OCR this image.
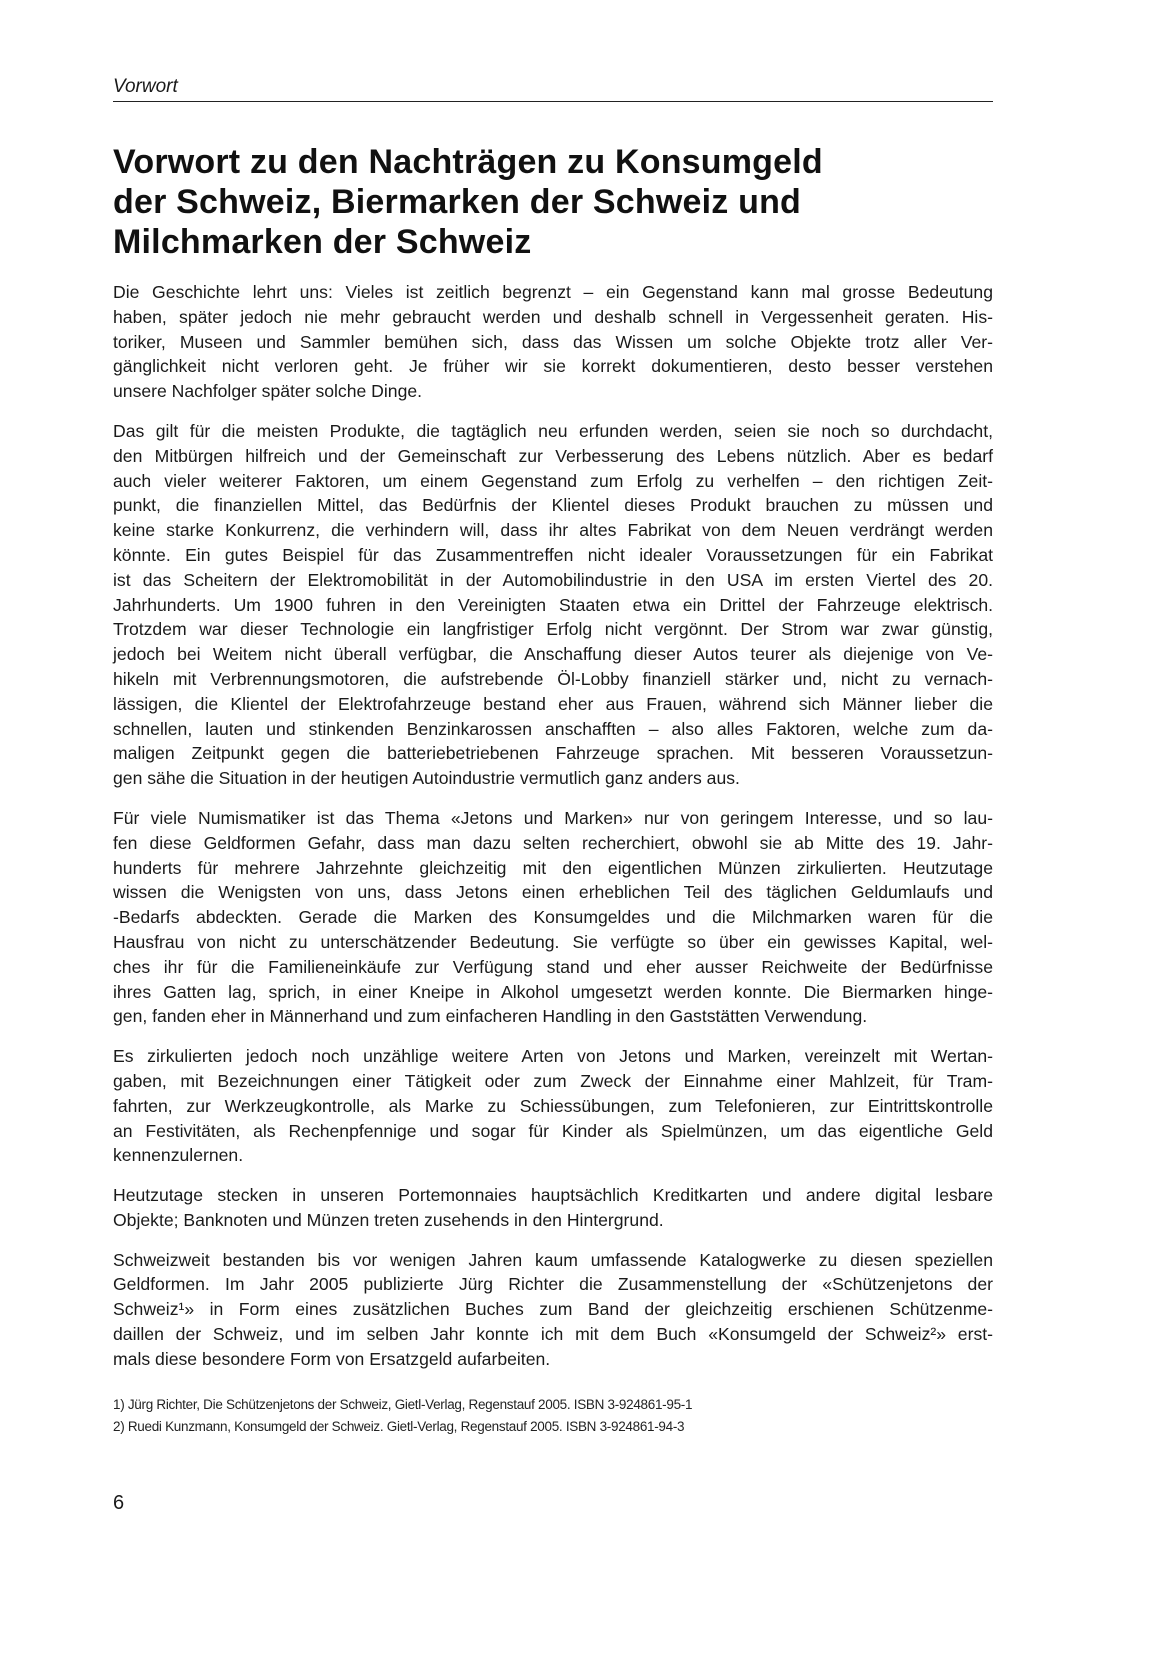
Vorwort
Vorwort zu den Nachträgen zu Konsumgeld
der Schweiz, Biermarken der Schweiz und
Milchmarken der Schweiz
Die Geschichte lehrt uns: Vieles ist zeitlich begrenzt – ein Gegenstand kann mal grosse Bedeutung
haben, später jedoch nie mehr gebraucht werden und deshalb schnell in Vergessenheit geraten. His-
toriker, Museen und Sammler bemühen sich, dass das Wissen um solche Objekte trotz aller Ver-
gänglichkeit nicht verloren geht. Je früher wir sie korrekt dokumentieren, desto besser verstehen
unsere Nachfolger später solche Dinge.
Das gilt für die meisten Produkte, die tagtäglich neu erfunden werden, seien sie noch so durchdacht,
den Mitbürgen hilfreich und der Gemeinschaft zur Verbesserung des Lebens nützlich. Aber es bedarf
auch vieler weiterer Faktoren, um einem Gegenstand zum Erfolg zu verhelfen – den richtigen Zeit-
punkt, die finanziellen Mittel, das Bedürfnis der Klientel dieses Produkt brauchen zu müssen und
keine starke Konkurrenz, die verhindern will, dass ihr altes Fabrikat von dem Neuen verdrängt werden
könnte. Ein gutes Beispiel für das Zusammentreffen nicht idealer Voraussetzungen für ein Fabrikat
ist das Scheitern der Elektromobilität in der Automobilindustrie in den USA im ersten Viertel des 20.
Jahrhunderts. Um 1900 fuhren in den Vereinigten Staaten etwa ein Drittel der Fahrzeuge elektrisch.
Trotzdem war dieser Technologie ein langfristiger Erfolg nicht vergönnt. Der Strom war zwar günstig,
jedoch bei Weitem nicht überall verfügbar, die Anschaffung dieser Autos teurer als diejenige von Ve-
hikeln mit Verbrennungsmotoren, die aufstrebende Öl-Lobby finanziell stärker und, nicht zu vernach-
lässigen, die Klientel der Elektrofahrzeuge bestand eher aus Frauen, während sich Männer lieber die
schnellen, lauten und stinkenden Benzinkarossen anschafften – also alles Faktoren, welche zum da-
maligen Zeitpunkt gegen die batteriebetriebenen Fahrzeuge sprachen. Mit besseren Voraussetzun-
gen sähe die Situation in der heutigen Autoindustrie vermutlich ganz anders aus.
Für viele Numismatiker ist das Thema «Jetons und Marken» nur von geringem Interesse, und so lau-
fen diese Geldformen Gefahr, dass man dazu selten recherchiert, obwohl sie ab Mitte des 19. Jahr-
hunderts für mehrere Jahrzehnte gleichzeitig mit den eigentlichen Münzen zirkulierten. Heutzutage
wissen die Wenigsten von uns, dass Jetons einen erheblichen Teil des täglichen Geldumlaufs und
-Bedarfs abdeckten. Gerade die Marken des Konsumgeldes und die Milchmarken waren für die
Hausfrau von nicht zu unterschätzender Bedeutung. Sie verfügte so über ein gewisses Kapital, wel-
ches ihr für die Familieneinkäufe zur Verfügung stand und eher ausser Reichweite der Bedürfnisse
ihres Gatten lag, sprich, in einer Kneipe in Alkohol umgesetzt werden konnte. Die Biermarken hinge-
gen, fanden eher in Männerhand und zum einfacheren Handling in den Gaststätten Verwendung.
Es zirkulierten jedoch noch unzählige weitere Arten von Jetons und Marken, vereinzelt mit Wertan-
gaben, mit Bezeichnungen einer Tätigkeit oder zum Zweck der Einnahme einer Mahlzeit, für Tram-
fahrten, zur Werkzeugkontrolle, als Marke zu Schiessübungen, zum Telefonieren, zur Eintrittskontrolle
an Festivitäten, als Rechenpfennige und sogar für Kinder als Spielmünzen, um das eigentliche Geld
kennenzulernen.
Heutzutage stecken in unseren Portemonnaies hauptsächlich Kreditkarten und andere digital lesbare
Objekte; Banknoten und Münzen treten zusehends in den Hintergrund.
Schweizweit bestanden bis vor wenigen Jahren kaum umfassende Katalogwerke zu diesen speziellen
Geldformen. Im Jahr 2005 publizierte Jürg Richter die Zusammenstellung der «Schützenjetons der
Schweiz¹» in Form eines zusätzlichen Buches zum Band der gleichzeitig erschienen Schützenme-
daillen der Schweiz, und im selben Jahr konnte ich mit dem Buch «Konsumgeld der Schweiz²» erst-
mals diese besondere Form von Ersatzgeld aufarbeiten.
1) Jürg Richter, Die Schützenjetons der Schweiz, Gietl-Verlag, Regenstauf 2005. ISBN 3-924861-95-1
2) Ruedi Kunzmann, Konsumgeld der Schweiz. Gietl-Verlag, Regenstauf 2005. ISBN 3-924861-94-3
6
